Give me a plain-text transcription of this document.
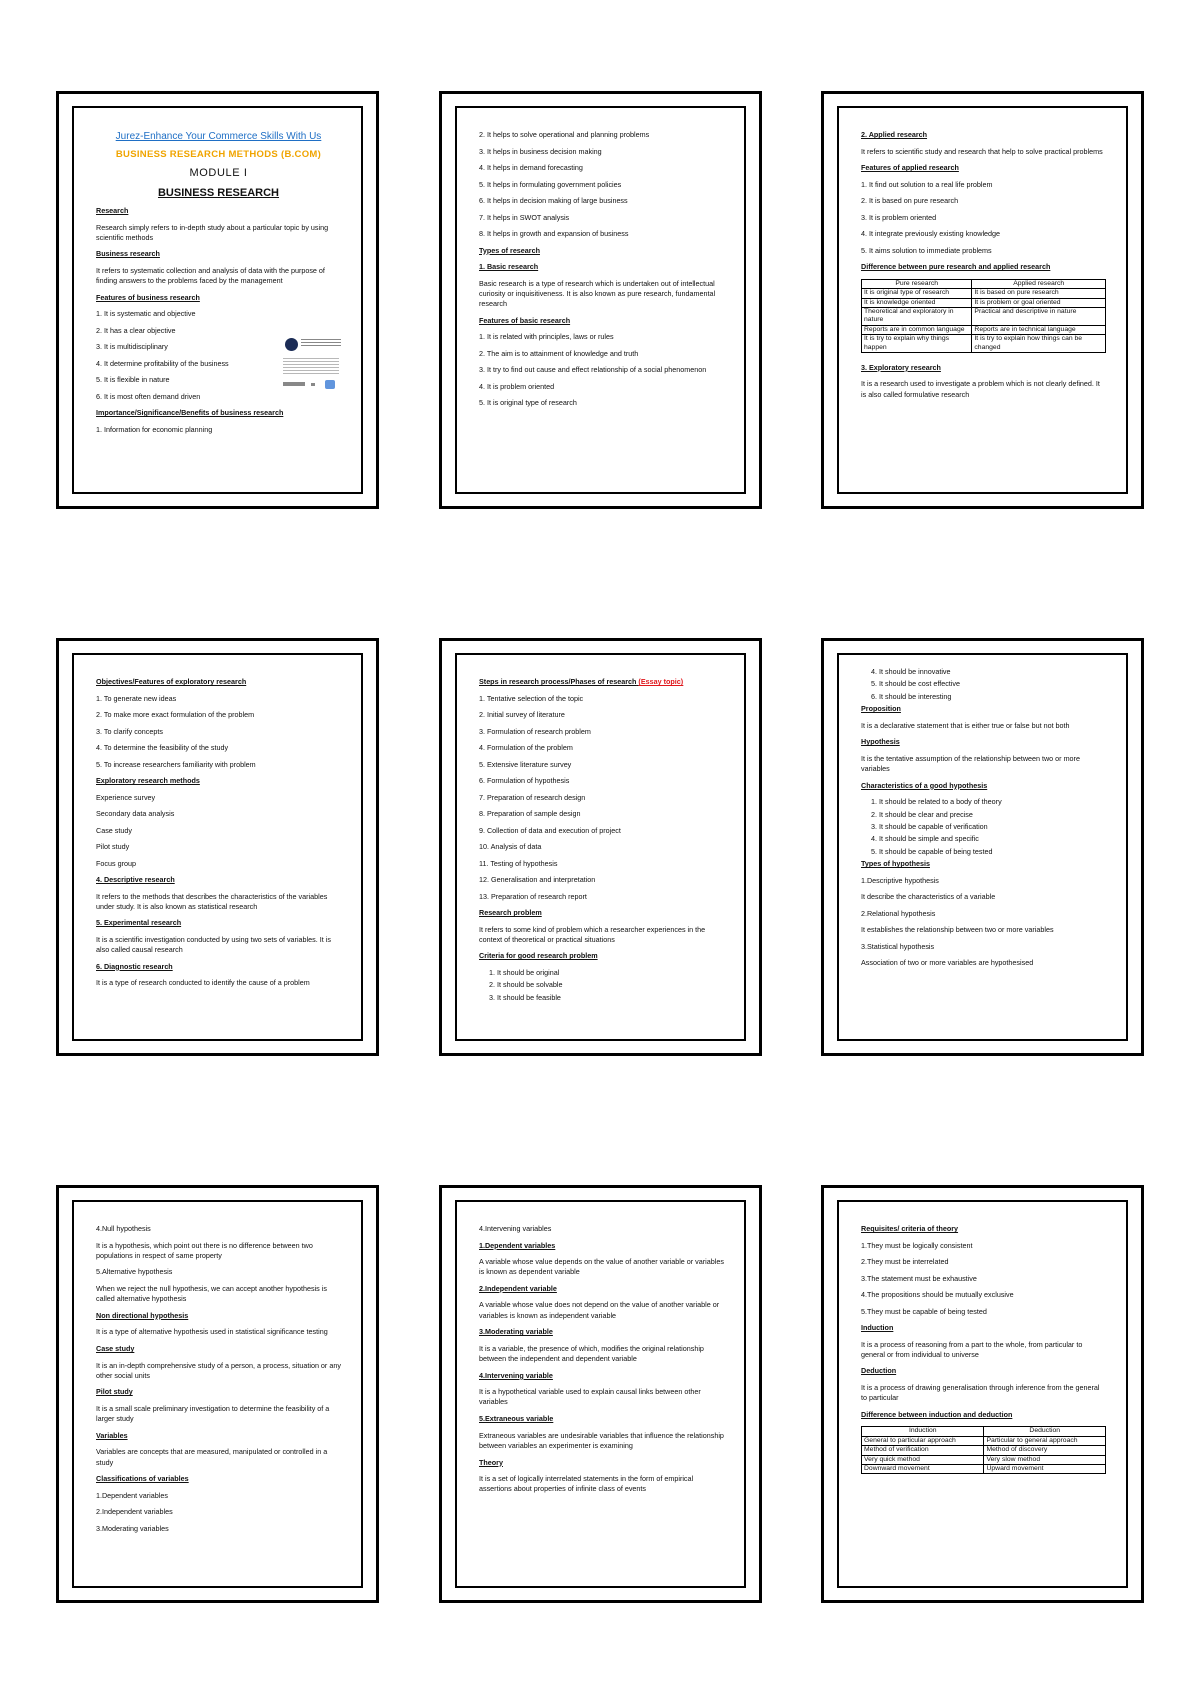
Jurez-Enhance Your Commerce Skills With Us
BUSINESS RESEARCH METHODS (B.COM)
MODULE I
BUSINESS RESEARCH
Research
Research simply refers to in-depth study about a particular topic by using scientific methods
Business research
It refers to systematic collection and analysis of data with the purpose of finding answers to the problems faced by the management
Features of business research
1. It is systematic and objective
2. It has a clear objective
3. It is multidisciplinary
4. It determine profitability of the business
5. It is flexible in nature
6. It is most often demand driven
Importance/Significance/Benefits of business research
1. Information for economic planning
2. It helps to solve operational and planning problems
3. It helps in business decision making
4. It helps in demand forecasting
5. It helps in formulating government policies
6. It helps in decision making of large business
7. It helps in SWOT analysis
8. It helps in growth and expansion of business
Types of research
1. Basic research
Basic research is a type of research which is undertaken out of intellectual curiosity or inquisitiveness. It is also known as pure research, fundamental research
Features of basic research
1. It is related with principles, laws or rules
2. The aim is to attainment of knowledge and truth
3. It try to find out cause and effect relationship of a social phenomenon
4. It is problem oriented
5. It is original type of research
2. Applied research
It refers to scientific study and research that help to solve practical problems
Features of applied research
1. It find out solution to a real life problem
2. It is based on pure research
3. It is problem oriented
4. It integrate previously existing knowledge
5. It aims solution to immediate problems
Difference between pure research and applied research
Pure research	Applied research
It is original type of research	It is based on pure research
It is knowledge oriented	It is problem or goal oriented
Theoretical and exploratory in nature	Practical and descriptive in nature
Reports are in common language	Reports are in technical language
It is try to explain why things happen	It is try to explain how things can be changed
3. Exploratory research
It is a research used to investigate a problem which is not clearly defined. It is also called formulative research
Objectives/Features of exploratory research
1. To generate new ideas
2. To make more exact formulation of the problem
3. To clarify concepts
4. To determine the feasibility of the study
5. To increase researchers familiarity with problem
Exploratory research methods
Experience survey
Secondary data analysis
Case study
Pilot study
Focus group
4. Descriptive research
It refers to the methods that describes the characteristics of the variables under study. It is also known as statistical research
5. Experimental research
It is a scientific investigation conducted by using two sets of variables. It is also called causal research
6. Diagnostic research
It is a type of research conducted to identify the cause of a problem
Steps in research process/Phases of research (Essay topic)
1. Tentative selection of the topic
2. Initial survey of literature
3. Formulation of research problem
4. Formulation of the problem
5. Extensive literature survey
6. Formulation of hypothesis
7. Preparation of research design
8. Preparation of sample design
9. Collection of data and execution of project
10. Analysis of data
11. Testing of hypothesis
12. Generalisation and interpretation
13. Preparation of research report
Research problem
It refers to some kind of problem which a researcher experiences in the context of theoretical or practical situations
Criteria for good research problem
1. It should be original
2. It should be solvable
3. It should be feasible
4. It should be innovative
5. It should be cost effective
6. It should be interesting
Proposition
It is a declarative statement that is either true or false but not both
Hypothesis
It is the tentative assumption of the relationship between two or more variables
Characteristics of a good hypothesis
1. It should be related to a body of theory
2. It should be clear and precise
3. It should be capable of verification
4. It should be simple and specific
5. It should be capable of being tested
Types of hypothesis
1.Descriptive hypothesis
It describe the characteristics of a variable
2.Relational hypothesis
It establishes the relationship between two or more variables
3.Statistical hypothesis
Association of two or more variables are hypothesised
4.Null hypothesis
It is a hypothesis, which point out there is no difference between two populations in respect of same property
5.Alternative hypothesis
When we reject the null hypothesis, we can accept another hypothesis is called alternative hypothesis
Non directional hypothesis
It is a type of alternative hypothesis used in statistical significance testing
Case study
It is an in-depth comprehensive study of a person, a process, situation or any other social units
Pilot study
It is a small scale preliminary investigation to determine the feasibility of a larger study
Variables
Variables are concepts that are measured, manipulated or controlled in a study
Classifications of variables
1.Dependent variables
2.Independent variables
3.Moderating variables
4.Intervening variables
1.Dependent variables
A variable whose value depends on the value of another variable or variables is known as dependent variable
2.Independent variable
A variable whose value does not depend on the value of another variable or variables is known as independent variable
3.Moderating variable
It is a variable, the presence of which, modifies the original relationship between the independent and dependent variable
4.Intervening variable
It is a hypothetical variable used to explain causal links between other variables
5.Extraneous variable
Extraneous variables are undesirable variables that influence the relationship between variables an experimenter is examining
Theory
It is a set of logically interrelated statements in the form of empirical assertions about properties of infinite class of events
Requisites/ criteria of theory
1.They must be logically consistent
2.They must be interrelated
3.The statement must be exhaustive
4.The propositions should be mutually exclusive
5.They must be capable of being tested
Induction
It is a process of reasoning from a part to the whole, from particular to general or from individual to universe
Deduction
It is a process of drawing generalisation through inference from the general to particular
Difference between induction and deduction
Induction	Deduction
General to particular approach	Particular to general approach
Method of verification	Method of discovery
Very quick method	Very slow method
Downward movement	Upward movement
